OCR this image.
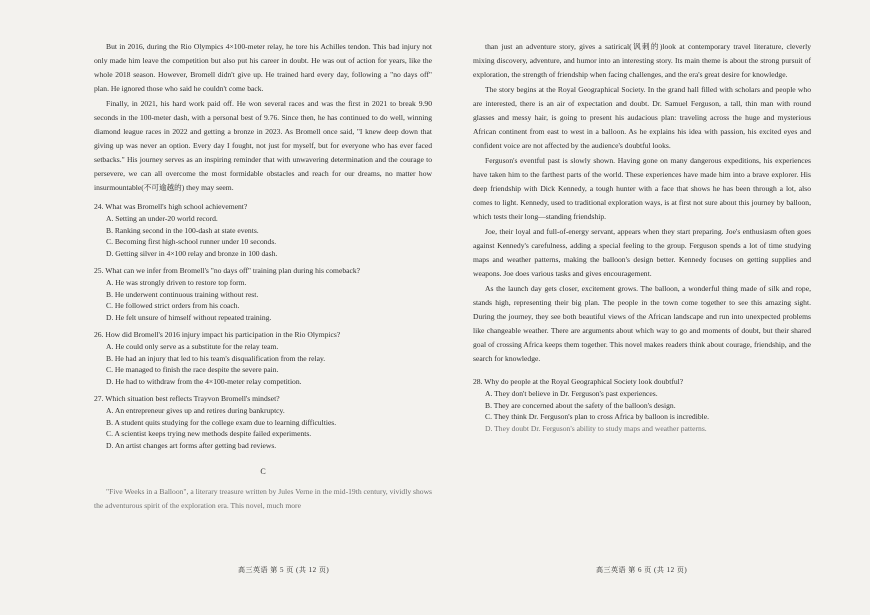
But in 2016, during the Rio Olympics 4×100-meter relay, he tore his Achilles tendon. This bad injury not only made him leave the competition but also put his career in doubt. He was out of action for years, like the whole 2018 season. However, Bromell didn't give up. He trained hard every day, following a "no days off" plan. He ignored those who said he couldn't come back.

Finally, in 2021, his hard work paid off. He won several races and was the first in 2021 to break 9.90 seconds in the 100-meter dash, with a personal best of 9.76. Since then, he has continued to do well, winning diamond league races in 2022 and getting a bronze in 2023. As Bromell once said, "I knew deep down that giving up was never an option. Every day I fought, not just for myself, but for everyone who has ever faced setbacks." His journey serves as an inspiring reminder that with unwavering determination and the courage to persevere, we can all overcome the most formidable obstacles and reach for our dreams, no matter how insurmountable(不可逾越的) they may seem.

24. What was Bromell's high school achievement?

A. Setting an under-20 world record.

B. Ranking second in the 100-dash at state events.

C. Becoming first high-school runner under 10 seconds.

D. Getting silver in 4×100 relay and bronze in 100 dash.

25. What can we infer from Bromell's "no days off" training plan during his comeback?

A. He was strongly driven to restore top form.

B. He underwent continuous training without rest.

C. He followed strict orders from his coach.

D. He felt unsure of himself without repeated training.

26. How did Bromell's 2016 injury impact his participation in the Rio Olympics?

A. He could only serve as a substitute for the relay team.

B. He had an injury that led to his team's disqualification from the relay.

C. He managed to finish the race despite the severe pain.

D. He had to withdraw from the 4×100-meter relay competition.

27. Which situation best reflects Trayvon Bromell's mindset?

A. An entrepreneur gives up and retires during bankruptcy.

B. A student quits studying for the college exam due to learning difficulties.

C. A scientist keeps trying new methods despite failed experiments.

D. An artist changes art forms after getting bad reviews.

C

"Five Weeks in a Balloon", a literary treasure written by Jules Verne in the mid-19th century, vividly shows the adventurous spirit of the exploration era. This novel, much more

than just an adventure story, gives a satirical(讽刺的)look at contemporary travel literature, cleverly mixing discovery, adventure, and humor into an interesting story. Its main theme is about the strong pursuit of exploration, the strength of friendship when facing challenges, and the era's great desire for knowledge.

The story begins at the Royal Geographical Society. In the grand hall filled with scholars and people who are interested, there is an air of expectation and doubt. Dr. Samuel Ferguson, a tall, thin man with round glasses and messy hair, is going to present his audacious plan: traveling across the huge and mysterious African continent from east to west in a balloon. As he explains his idea with passion, his excited eyes and confident voice are not affected by the audience's doubtful looks.

Ferguson's eventful past is slowly shown. Having gone on many dangerous expeditions, his experiences have taken him to the farthest parts of the world. These experiences have made him into a brave explorer. His deep friendship with Dick Kennedy, a tough hunter with a face that shows he has been through a lot, also comes to light. Kennedy, used to traditional exploration ways, is at first not sure about this journey by balloon, which tests their long—standing friendship.

Joe, their loyal and full-of-energy servant, appears when they start preparing. Joe's enthusiasm often goes against Kennedy's carefulness, adding a special feeling to the group. Ferguson spends a lot of time studying maps and weather patterns, making the balloon's design better. Kennedy focuses on getting supplies and weapons. Joe does various tasks and gives encouragement.

As the launch day gets closer, excitement grows. The balloon, a wonderful thing made of silk and rope, stands high, representing their big plan. The people in the town come together to see this amazing sight. During the journey, they see both beautiful views of the African landscape and run into unexpected problems like changeable weather. There are arguments about which way to go and moments of doubt, but their shared goal of crossing Africa keeps them together. This novel makes readers think about courage, friendship, and the search for knowledge.

28. Why do people at the Royal Geographical Society look doubtful?

A. They don't believe in Dr. Ferguson's past experiences.

B. They are concerned about the safety of the balloon's design.

C. They think Dr. Ferguson's plan to cross Africa by balloon is incredible.

D. They doubt Dr. Ferguson's ability to study maps and weather patterns.

高三英语 第 5 页 (共 12 页)	高三英语 第 6 页 (共 12 页)
